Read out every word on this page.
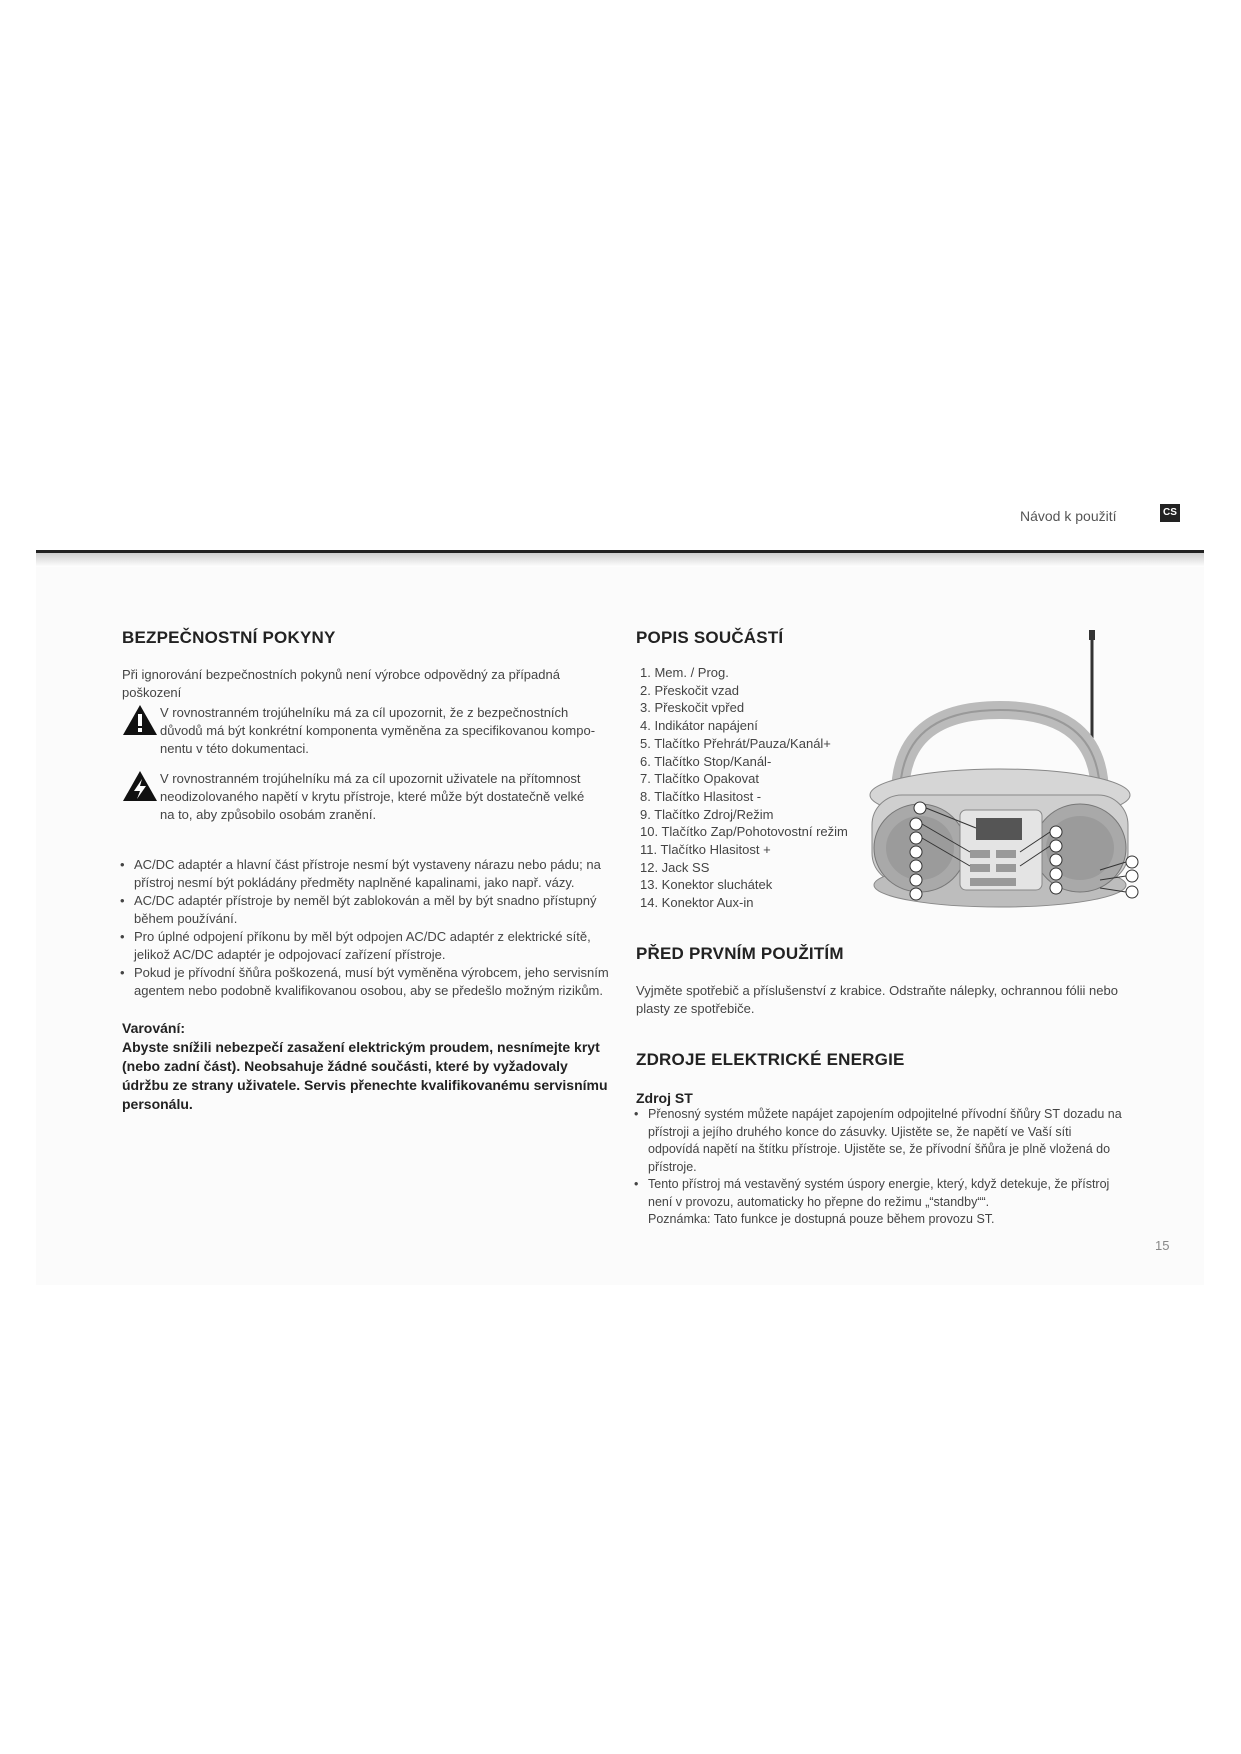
Návod k použití	CS
BEZPEČNOSTNÍ POKYNY

Při ignorování bezpečnostních pokynů není výrobce odpovědný za případná poškození

V rovnostranném trojúhelníku má za cíl upozornit, že z bezpečnostních
důvodů má být konkrétní komponenta vyměněna za specifikovanou kompo-nentu v této dokumentaci.

V rovnostranném trojúhelníku má za cíl upozornit uživatele na přítomnost
neodizolovaného napětí v krytu přístroje, které může být dostatečně velké na to, aby způsobilo osobám zranění.

• AC/DC adaptér a hlavní část přístroje nesmí být vystaveny nárazu nebo pádu; na přístroj nesmí být pokládány předměty naplněné kapalinami, jako např. vázy.
• AC/DC adaptér přístroje by neměl být zablokován a měl by být snadno přístupný během používání.
• Pro úplné odpojení příkonu by měl být odpojen AC/DC adaptér z elektrické sítě, jelikož AC/DC adaptér je odpojovací zařízení přístroje.
• Pokud je přívodní šňůra poškozená, musí být vyměněna výrobcem, jeho servisním agentem nebo podobně kvalifikovanou osobou, aby se předešlo možným rizikům.

Varování:

Abyste snížili nebezpečí zasažení elektrickým proudem, nesnímejte kryt (nebo zadní část). Neobsahuje žádné součásti, které by vyžadovaly údržbu ze strany uživatele. Servis přenechte kvalifikovanému servisnímu personálu.

POPIS SOUČÁSTÍ
1. Mem. / Prog.
2. Přeskočit vzad
3. Přeskočit vpřed
4. Indikátor napájení
5. Tlačítko Přehrát/Pauza/Kanál+
6. Tlačítko Stop/Kanál-
7. Tlačítko Opakovat
8. Tlačítko Hlasitost -
9. Tlačítko Zdroj/Režim
10. Tlačítko Zap/Pohotovostní režim
11. Tlačítko Hlasitost +
12. Jack SS
13. Konektor sluchátek
14. Konektor Aux-in
PŘED PRVNÍM POUŽITÍM

Vyjměte spotřebič a příslušenství z krabice. Odstraňte nálepky, ochrannou fólii nebo plasty ze spotřebiče.

ZDROJE ELEKTRICKÉ ENERGIE

Zdroj ST

• Přenosný systém můžete napájet zapojením odpojitelné přívodní šňůry ST dozadu na přístroji a jejího druhého konce do zásuvky. Ujistěte se, že napětí ve Vaší síti odpovídá napětí na štítku přístroje. Ujistěte se, že přívodní šňůra je plně vložená do přístroje.
• Tento přístroj má vestavěný systém úspory energie, který, když detekuje, že přístroj není v provozu, automaticky ho přepne do režimu „“standby““.
Poznámka: Tato funkce je dostupná pouze během provozu ST.
15
